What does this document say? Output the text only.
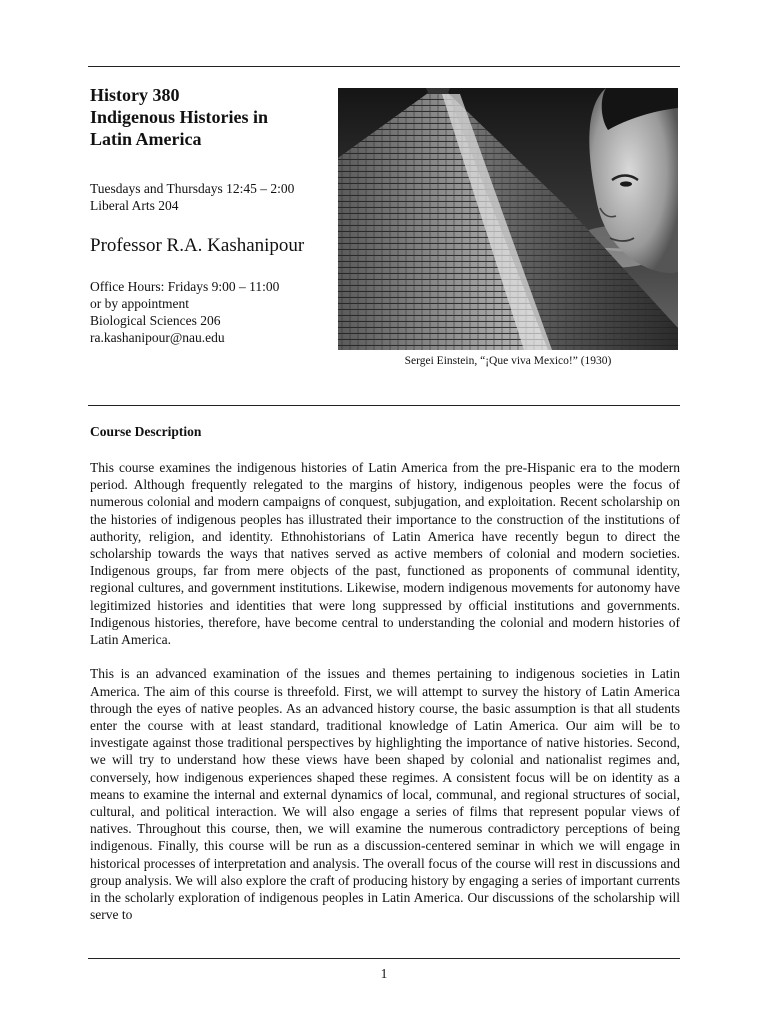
History 380

Indigenous Histories in

Latin America

Tuesdays and Thursdays 12:45 – 2:00
Liberal Arts 204
Professor R.A. Kashanipour
Office Hours: Fridays 9:00 – 11:00
or by appointment
Biological Sciences 206
ra.kashanipour@nau.edu
Sergei Einstein, “¡Que viva Mexico!” (1930)
Course Description

This course examines the indigenous histories of Latin America from the pre-Hispanic era to the modern period. Although frequently relegated to the margins of history, indigenous peoples were the focus of numerous colonial and modern campaigns of conquest, subjugation, and exploitation. Recent scholarship on the histories of indigenous peoples has illustrated their importance to the construction of the institutions of authority, religion, and identity. Ethnohistorians of Latin America have recently begun to direct the scholarship towards the ways that natives served as active members of colonial and modern societies. Indigenous groups, far from mere objects of the past, functioned as proponents of communal identity, regional cultures, and government institutions. Likewise, modern indigenous movements for autonomy have legitimized histories and identities that were long suppressed by official institutions and governments. Indigenous histories, therefore, have become central to understanding the colonial and modern histories of Latin America.

This is an advanced examination of the issues and themes pertaining to indigenous societies in Latin America. The aim of this course is threefold. First, we will attempt to survey the history of Latin America through the eyes of native peoples. As an advanced history course, the basic assumption is that all students enter the course with at least standard, traditional knowledge of Latin America. Our aim will be to investigate against those traditional perspectives by highlighting the importance of native histories. Second, we will try to understand how these views have been shaped by colonial and nationalist regimes and, conversely, how indigenous experiences shaped these regimes. A consistent focus will be on identity as a means to examine the internal and external dynamics of local, communal, and regional structures of social, cultural, and political interaction. We will also engage a series of films that represent popular views of natives. Throughout this course, then, we will examine the numerous contradictory perceptions of being indigenous. Finally, this course will be run as a discussion-centered seminar in which we will engage in historical processes of interpretation and analysis. The overall focus of the course will rest in discussions and group analysis. We will also explore the craft of producing history by engaging a series of important currents in the scholarly exploration of indigenous peoples in Latin America. Our discussions of the scholarship will serve to

1
